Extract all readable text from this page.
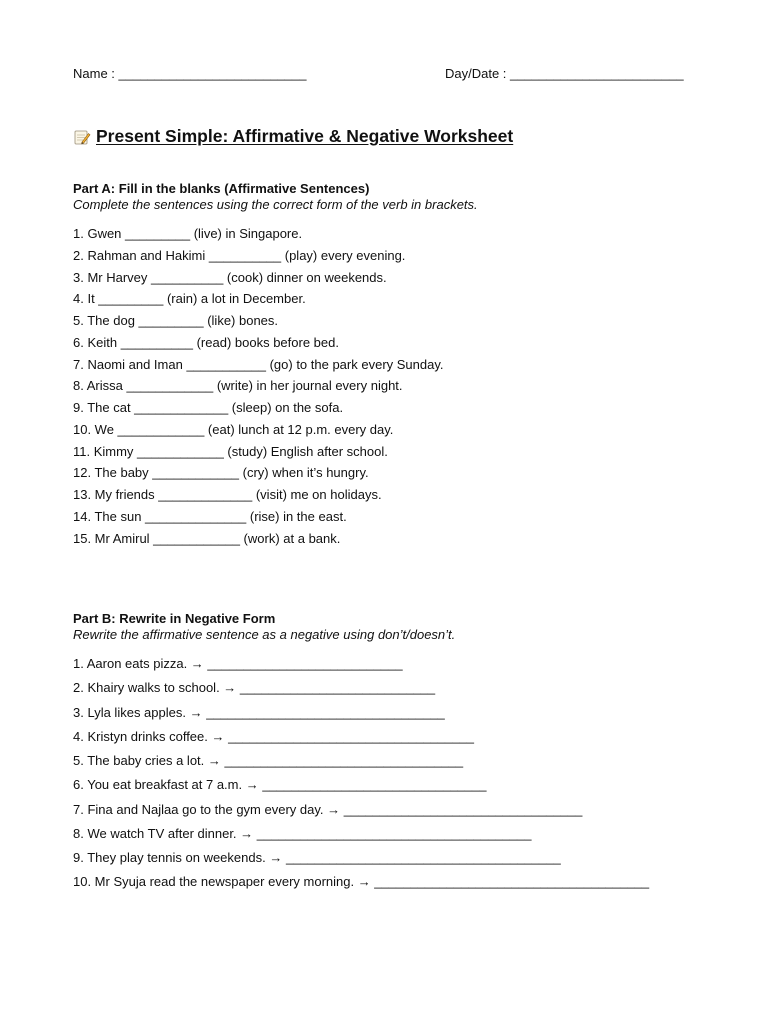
Name : __________________________	Day/Date : ________________________
Present Simple: Affirmative & Negative Worksheet
Part A: Fill in the blanks (Affirmative Sentences)
Complete the sentences using the correct form of the verb in brackets.
1. Gwen _________ (live) in Singapore.
2. Rahman and Hakimi __________ (play) every evening.
3. Mr Harvey __________ (cook) dinner on weekends.
4. It _________ (rain) a lot in December.
5. The dog _________ (like) bones.
6. Keith __________ (read) books before bed.
7. Naomi and Iman ___________ (go) to the park every Sunday.
8. Arissa ____________ (write) in her journal every night.
9. The cat _____________ (sleep) on the sofa.
10. We ____________ (eat) lunch at 12 p.m. every day.
11. Kimmy ____________ (study) English after school.
12. The baby ____________ (cry) when it’s hungry.
13. My friends _____________ (visit) me on holidays.
14. The sun ______________ (rise) in the east.
15. Mr Amirul ____________ (work) at a bank.
Part B: Rewrite in Negative Form
Rewrite the affirmative sentence as a negative using don’t/doesn’t.
1. Aaron eats pizza. → ___________________________
2. Khairy walks to school. → ___________________________
3. Lyla likes apples. → _________________________________
4. Kristyn drinks coffee. → __________________________________
5. The baby cries a lot. → _________________________________
6. You eat breakfast at 7 a.m. → _______________________________
7. Fina and Najlaa go to the gym every day. → _________________________________
8. We watch TV after dinner. → ______________________________________
9. They play tennis on weekends. → ______________________________________
10. Mr Syuja read the newspaper every morning. → ______________________________________
